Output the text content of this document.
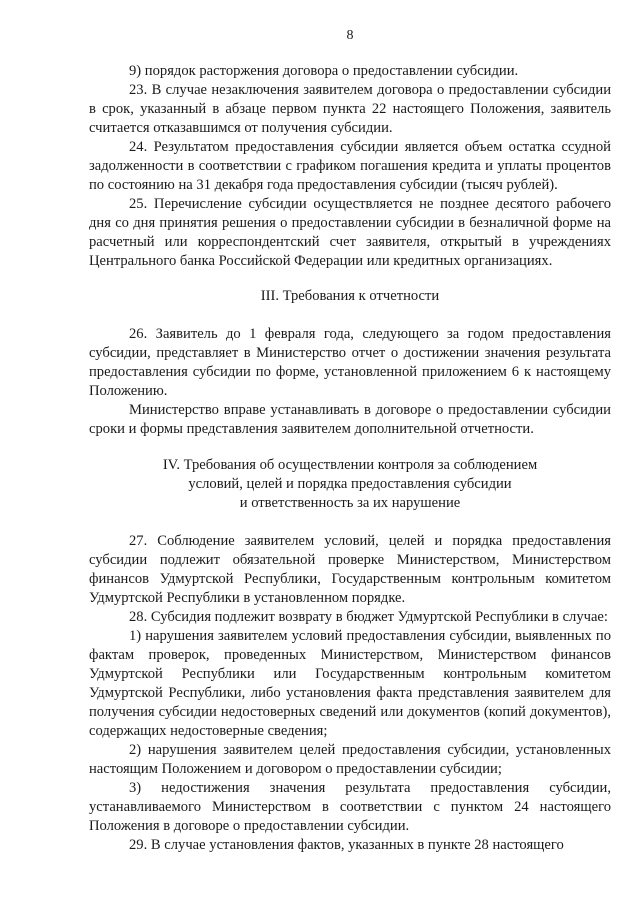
8

9) порядок расторжения договора о предоставлении субсидии.

23. В случае незаключения заявителем договора о предоставлении субсидии в срок, указанный в абзаце первом пункта 22 настоящего Положения, заявитель считается отказавшимся от получения субсидии.

24. Результатом предоставления субсидии является объем остатка ссудной задолженности в соответствии с графиком погашения кредита и уплаты процентов по состоянию на 31 декабря года предоставления субсидии (тысяч рублей).

25. Перечисление субсидии осуществляется не позднее десятого рабочего дня со дня принятия решения о предоставлении субсидии в безналичной форме на расчетный или корреспондентский счет заявителя, открытый в учреждениях Центрального банка Российской Федерации или кредитных организациях.

III. Требования к отчетности

26. Заявитель до 1 февраля года, следующего за годом предоставления субсидии, представляет в Министерство отчет о достижении значения результата предоставления субсидии по форме, установленной приложением 6 к настоящему Положению.

Министерство вправе устанавливать в договоре о предоставлении субсидии сроки и формы представления заявителем дополнительной отчетности.

IV. Требования об осуществлении контроля за соблюдением
условий, целей и порядка предоставления субсидии
и ответственность за их нарушение

27. Соблюдение заявителем условий, целей и порядка предоставления субсидии подлежит обязательной проверке Министерством, Министерством финансов Удмуртской Республики, Государственным контрольным комитетом Удмуртской Республики в установленном порядке.

28. Субсидия подлежит возврату в бюджет Удмуртской Республики в случае:

1) нарушения заявителем условий предоставления субсидии, выявленных по фактам проверок, проведенных Министерством, Министерством финансов Удмуртской Республики или Государственным контрольным комитетом Удмуртской Республики, либо установления факта представления заявителем для получения субсидии недостоверных сведений или документов (копий документов), содержащих недостоверные сведения;

2) нарушения заявителем целей предоставления субсидии, установленных настоящим Положением и договором о предоставлении субсидии;

3) недостижения значения результата предоставления субсидии, устанавливаемого Министерством в соответствии с пунктом 24 настоящего Положения в договоре о предоставлении субсидии.

29. В случае установления фактов, указанных в пункте 28 настоящего
